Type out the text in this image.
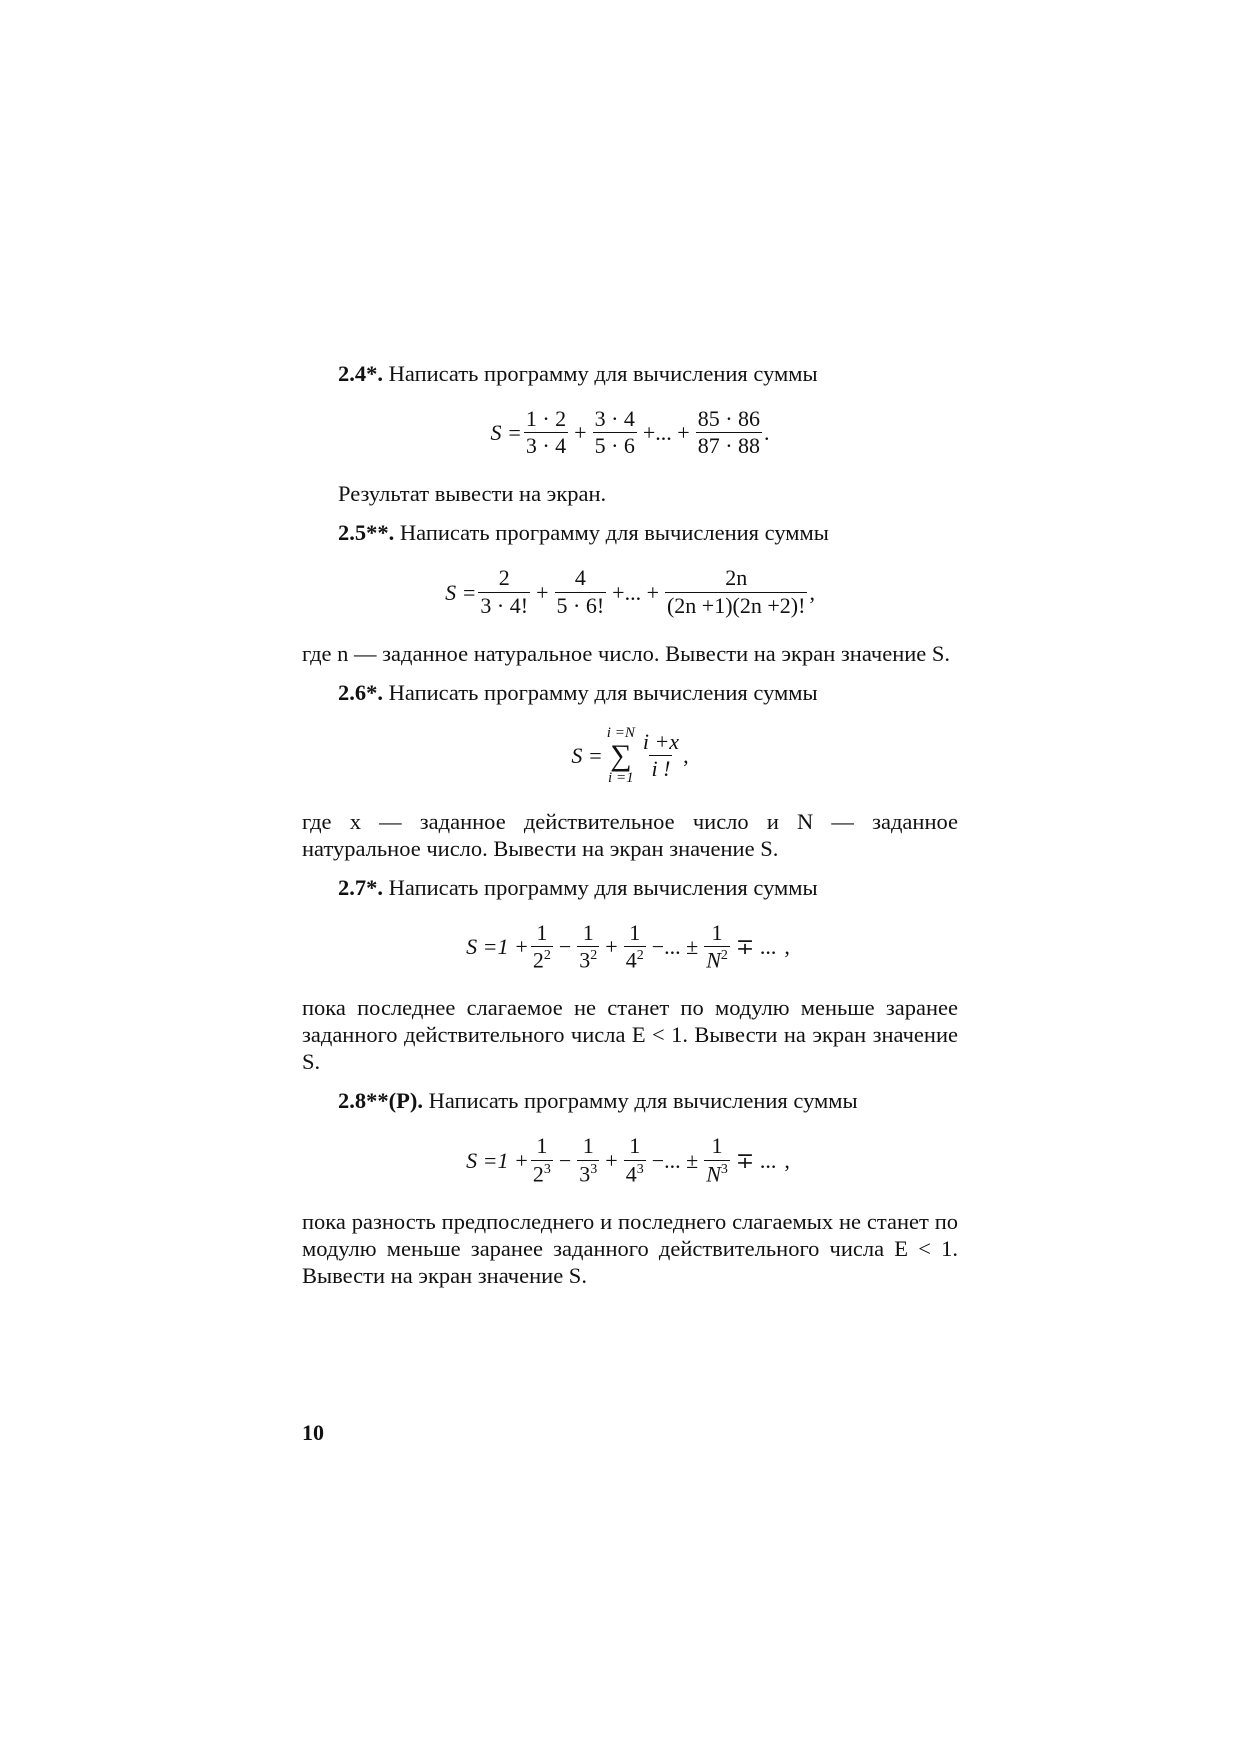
2.4*. Написать программу для вычисления суммы

$S = \frac{1 \cdot 2}{3 \cdot 4} + \frac{3 \cdot 4}{5 \cdot 6}$ +... + $\frac{85 \cdot 86}{87 \cdot 88}$ .

Результат вывести на экран.

2.5**. Написать программу для вычисления суммы

$S = \frac{2}{3 \cdot 4!} + \frac{4}{5 \cdot 6!}$ +... + $\frac{2n}{(2n +1)(2n +2)!}$ ,

где n — заданное натуральное число. Вывести на экран значение S.

2.6*. Написать программу для вычисления суммы

S =
i =N
∑
$i =1 \frac{i +x}{i !}$ ,

где x — заданное действительное число и N — заданное натуральное число. Вывести на экран значение S.

2.7*. Написать программу для вычисления суммы

$S =1 + \frac{1}{2^2} - \frac{1}{3^2} + \frac{1}{4^2}$ −... ± $\frac{1}{N^2}$ ∓ ... ,

пока последнее слагаемое не станет по модулю меньше заранее заданного действительного числа E < 1. Вывести на экран значение S.

2.8**(Р). Написать программу для вычисления суммы

$S =1 + \frac{1}{2^3} - \frac{1}{3^3} + \frac{1}{4^3}$ −... ± $\frac{1}{N^3}$ ∓ ... ,

пока разность предпоследнего и последнего слагаемых не станет по модулю меньше заранее заданного действительного числа E < 1. Вывести на экран значение S.

10
